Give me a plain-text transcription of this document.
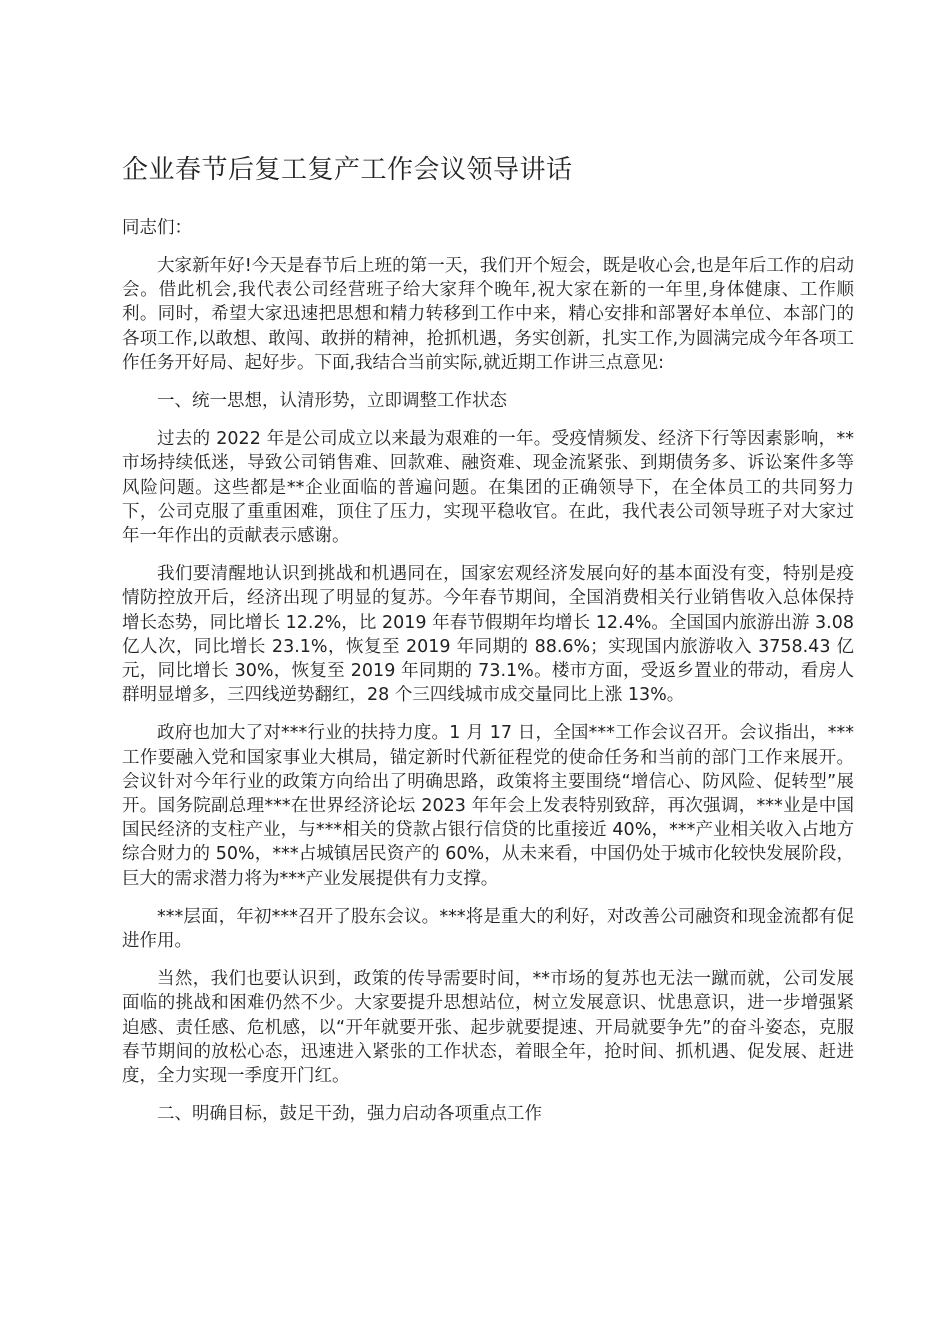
企业春节后复工复产工作会议领导讲话

同志们：

大家新年好!今天是春节后上班的第一天，我们开个短会，既是收心会,也是年后工作的启动会。借此机会,我代表公司经营班子给大家拜个晚年,祝大家在新的一年里,身体健康、工作顺利。同时，希望大家迅速把思想和精力转移到工作中来，精心安排和部署好本单位、本部门的各项工作,以敢想、敢闯、敢拼的精神，抢抓机遇，务实创新，扎实工作,为圆满完成今年各项工作任务开好局、起好步。下面,我结合当前实际,就近期工作讲三点意见:

一、统一思想，认清形势，立即调整工作状态

过去的 2022 年是公司成立以来最为艰难的一年。受疫情频发、经济下行等因素影响，**市场持续低迷，导致公司销售难、回款难、融资难、现金流紧张、到期债务多、诉讼案件多等风险问题。这些都是**企业面临的普遍问题。在集团的正确领导下，在全体员工的共同努力下，公司克服了重重困难，顶住了压力，实现平稳收官。在此，我代表公司领导班子对大家过年一年作出的贡献表示感谢。

我们要清醒地认识到挑战和机遇同在，国家宏观经济发展向好的基本面没有变，特别是疫情防控放开后，经济出现了明显的复苏。今年春节期间，全国消费相关行业销售收入总体保持增长态势，同比增长 12.2%，比 2019 年春节假期年均增长 12.4%。全国国内旅游出游 3.08 亿人次，同比增长 23.1%，恢复至 2019 年同期的 88.6%；实现国内旅游收入 3758.43 亿元，同比增长 30%，恢复至 2019 年同期的 73.1%。楼市方面，受返乡置业的带动，看房人群明显增多，三四线逆势翻红，28 个三四线城市成交量同比上涨 13%。

政府也加大了对***行业的扶持力度。1 月 17 日，全国***工作会议召开。会议指出，***工作要融入党和国家事业大棋局，锚定新时代新征程党的使命任务和当前的部门工作来展开。会议针对今年行业的政策方向给出了明确思路，政策将主要围绕“增信心、防风险、促转型”展开。国务院副总理***在世界经济论坛 2023 年年会上发表特别致辞，再次强调，***业是中国国民经济的支柱产业，与***相关的贷款占银行信贷的比重接近 40%，***产业相关收入占地方综合财力的 50%，***占城镇居民资产的 60%，从未来看，中国仍处于城市化较快发展阶段，巨大的需求潜力将为***产业发展提供有力支撑。

***层面，年初***召开了股东会议。***将是重大的利好，对改善公司融资和现金流都有促进作用。

当然，我们也要认识到，政策的传导需要时间，**市场的复苏也无法一蹴而就，公司发展面临的挑战和困难仍然不少。大家要提升思想站位，树立发展意识、忧患意识，进一步增强紧迫感、责任感、危机感，以“开年就要开张、起步就要提速、开局就要争先”的奋斗姿态，克服春节期间的放松心态，迅速进入紧张的工作状态，着眼全年，抢时间、抓机遇、促发展、赶进度，全力实现一季度开门红。

二、明确目标，鼓足干劲，强力启动各项重点工作
